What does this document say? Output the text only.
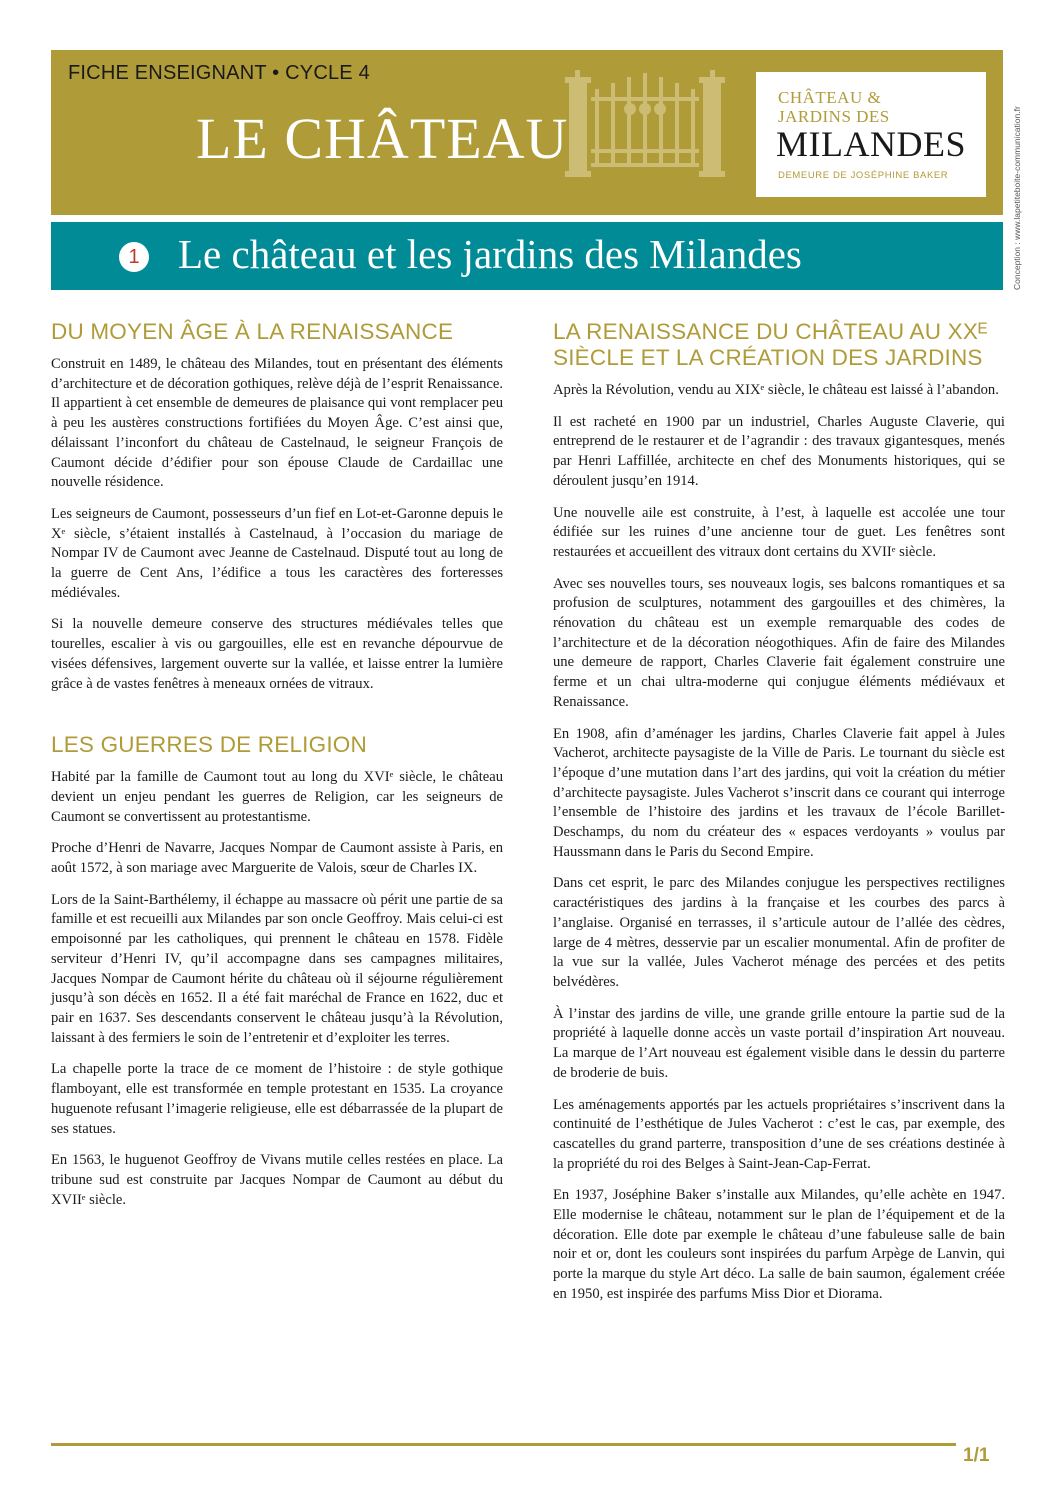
FICHE ENSEIGNANT • CYCLE 4
LE CHÂTEAU
CHÂTEAU &
JARDINS DES
MILANDES
DEMEURE DE JOSÉPHINE BAKER	Conception : www.lapetiteboite-communication.fr
1 Le château et les jardins des Milandes
DU MOYEN ÂGE À LA RENAISSANCE

Construit en 1489, le château des Milandes, tout en présentant des éléments d’architecture et de décoration gothiques, relève déjà de l’esprit Renaissance. Il appartient à cet ensemble de demeures de plaisance qui vont remplacer peu à peu les austères constructions fortifiées du Moyen Âge. C’est ainsi que, délaissant l’inconfort du château de Castelnaud, le seigneur François de Caumont décide d’édifier pour son épouse Claude de Cardaillac une nouvelle résidence.

Les seigneurs de Caumont, possesseurs d’un fief en Lot-et-Garonne depuis le Xᵉ siècle, s’étaient installés à Castelnaud, à l’occasion du mariage de Nompar IV de Caumont avec Jeanne de Castelnaud. Disputé tout au long de la guerre de Cent Ans, l’édifice a tous les caractères des forteresses médiévales.

Si la nouvelle demeure conserve des structures médiévales telles que tourelles, escalier à vis ou gargouilles, elle est en revanche dépourvue de visées défensives, largement ouverte sur la vallée, et laisse entrer la lumière grâce à de vastes fenêtres à meneaux ornées de vitraux.

LES GUERRES DE RELIGION

Habité par la famille de Caumont tout au long du XVIᵉ siècle, le château devient un enjeu pendant les guerres de Religion, car les seigneurs de Caumont se convertissent au protestantisme.

Proche d’Henri de Navarre, Jacques Nompar de Caumont assiste à Paris, en août 1572, à son mariage avec Marguerite de Valois, sœur de Charles IX.

Lors de la Saint-Barthélemy, il échappe au massacre où périt une partie de sa famille et est recueilli aux Milandes par son oncle Geoffroy. Mais celui-ci est empoisonné par les catholiques, qui prennent le château en 1578. Fidèle serviteur d’Henri IV, qu’il accompagne dans ses campagnes militaires, Jacques Nompar de Caumont hérite du château où il séjourne régulièrement jusqu’à son décès en 1652. Il a été fait maréchal de France en 1622, duc et pair en 1637. Ses descendants conservent le château jusqu’à la Révolution, laissant à des fermiers le soin de l’entretenir et d’exploiter les terres.

La chapelle porte la trace de ce moment de l’histoire : de style gothique flamboyant, elle est transformée en temple protestant en 1535. La croyance huguenote refusant l’imagerie religieuse, elle est débarrassée de la plupart de ses statues.

En 1563, le huguenot Geoffroy de Vivans mutile celles restées en place. La tribune sud est construite par Jacques Nompar de Caumont au début du XVIIᵉ siècle.

LA RENAISSANCE DU CHÂTEAU AU XXᴱ SIÈCLE ET LA CRÉATION DES JARDINS

Après la Révolution, vendu au XIXᵉ siècle, le château est laissé à l’abandon.

Il est racheté en 1900 par un industriel, Charles Auguste Claverie, qui entreprend de le restaurer et de l’agrandir : des travaux gigantesques, menés par Henri Laffillée, architecte en chef des Monuments historiques, qui se déroulent jusqu’en 1914.

Une nouvelle aile est construite, à l’est, à laquelle est accolée une tour édifiée sur les ruines d’une ancienne tour de guet. Les fenêtres sont restaurées et accueillent des vitraux dont certains du XVIIᵉ siècle.

Avec ses nouvelles tours, ses nouveaux logis, ses balcons romantiques et sa profusion de sculptures, notamment des gargouilles et des chimères, la rénovation du château est un exemple remarquable des codes de l’architecture et de la décoration néogothiques. Afin de faire des Milandes une demeure de rapport, Charles Claverie fait également construire une ferme et un chai ultra-moderne qui conjugue éléments médiévaux et Renaissance.

En 1908, afin d’aménager les jardins, Charles Claverie fait appel à Jules Vacherot, architecte paysagiste de la Ville de Paris. Le tournant du siècle est l’époque d’une mutation dans l’art des jardins, qui voit la création du métier d’architecte paysagiste. Jules Vacherot s’inscrit dans ce courant qui interroge l’ensemble de l’histoire des jardins et les travaux de l’école Barillet-Deschamps, du nom du créateur des « espaces verdoyants » voulus par Haussmann dans le Paris du Second Empire.

Dans cet esprit, le parc des Milandes conjugue les perspectives rectilignes caractéristiques des jardins à la française et les courbes des parcs à l’anglaise. Organisé en terrasses, il s’articule autour de l’allée des cèdres, large de 4 mètres, desservie par un escalier monumental. Afin de profiter de la vue sur la vallée, Jules Vacherot ménage des percées et des petits belvédères.

À l’instar des jardins de ville, une grande grille entoure la partie sud de la propriété à laquelle donne accès un vaste portail d’inspiration Art nouveau. La marque de l’Art nouveau est également visible dans le dessin du parterre de broderie de buis.

Les aménagements apportés par les actuels propriétaires s’inscrivent dans la continuité de l’esthétique de Jules Vacherot : c’est le cas, par exemple, des cascatelles du grand parterre, transposition d’une de ses créations destinée à la propriété du roi des Belges à Saint-Jean-Cap-Ferrat.

En 1937, Joséphine Baker s’installe aux Milandes, qu’elle achète en 1947. Elle modernise le château, notamment sur le plan de l’équipement et de la décoration. Elle dote par exemple le château d’une fabuleuse salle de bain noir et or, dont les couleurs sont inspirées du parfum Arpège de Lanvin, qui porte la marque du style Art déco. La salle de bain saumon, également créée en 1950, est inspirée des parfums Miss Dior et Diorama.

1/1
